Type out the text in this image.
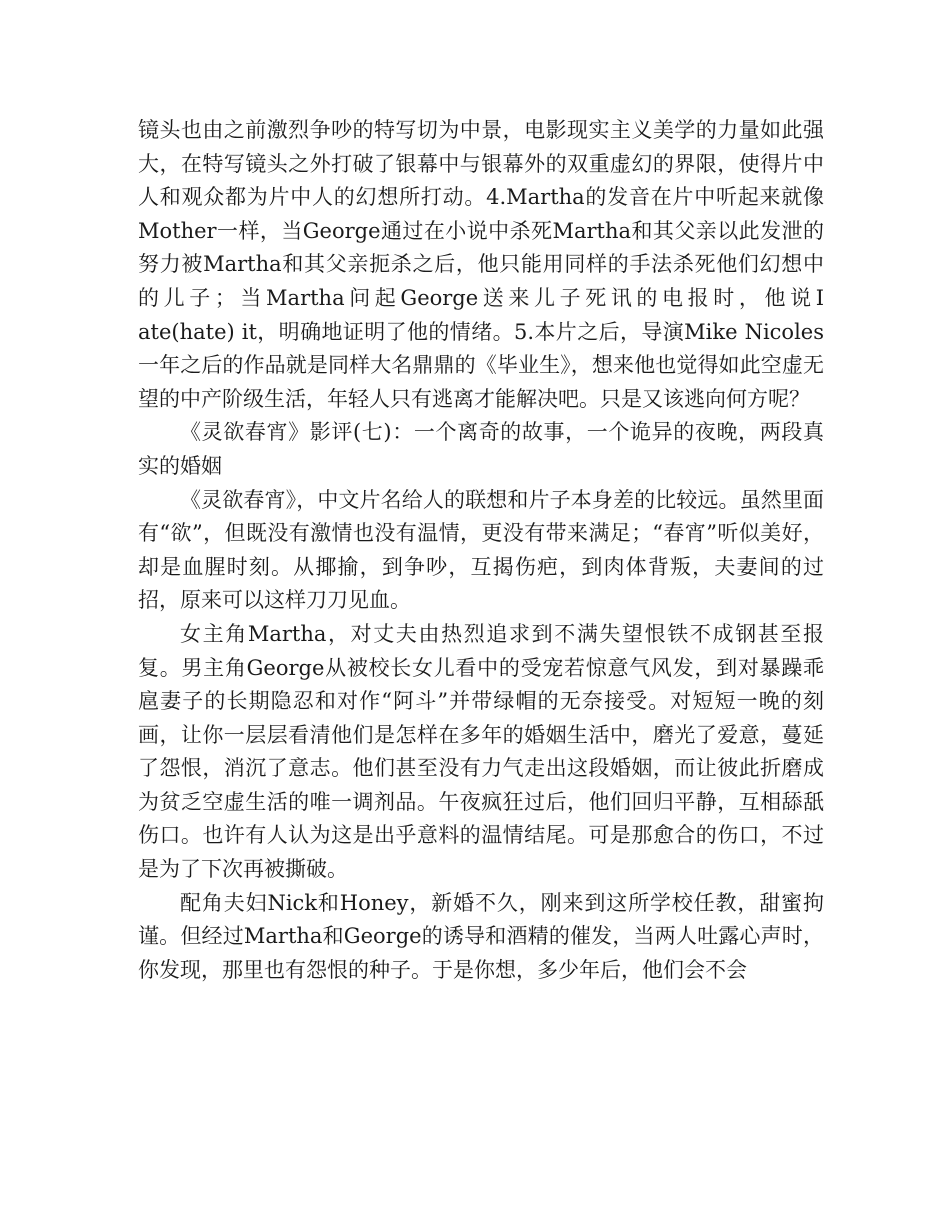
镜头也由之前激烈争吵的特写切为中景，电影现实主义美学的力量如此强大，在特写镜头之外打破了银幕中与银幕外的双重虚幻的界限，使得片中人和观众都为片中人的幻想所打动。4.Martha的发音在片中听起来就像Mother一样，当George通过在小说中杀死Martha和其父亲以此发泄的努力被Martha和其父亲扼杀之后，他只能用同样的手法杀死他们幻想中的儿子；当Martha问起George送来儿子死讯的电报时，他说I ate(hate) it，明确地证明了他的情绪。5.本片之后，导演Mike Nicoles一年之后的作品就是同样大名鼎鼎的《毕业生》，想来他也觉得如此空虚无望的中产阶级生活，年轻人只有逃离才能解决吧。只是又该逃向何方呢？

《灵欲春宵》影评(七)：一个离奇的故事，一个诡异的夜晚，两段真实的婚姻

《灵欲春宵》，中文片名给人的联想和片子本身差的比较远。虽然里面有“欲”，但既没有激情也没有温情，更没有带来满足；“春宵”听似美好，却是血腥时刻。从揶揄，到争吵，互揭伤疤，到肉体背叛，夫妻间的过招，原来可以这样刀刀见血。

女主角Martha，对丈夫由热烈追求到不满失望恨铁不成钢甚至报复。男主角George从被校长女儿看中的受宠若惊意气风发，到对暴躁乖扈妻子的长期隐忍和对作“阿斗”并带绿帽的无奈接受。对短短一晚的刻画，让你一层层看清他们是怎样在多年的婚姻生活中，磨光了爱意，蔓延了怨恨，消沉了意志。他们甚至没有力气走出这段婚姻，而让彼此折磨成为贫乏空虚生活的唯一调剂品。午夜疯狂过后，他们回归平静，互相舔舐伤口。也许有人认为这是出乎意料的温情结尾。可是那愈合的伤口，不过是为了下次再被撕破。

配角夫妇Nick和Honey，新婚不久，刚来到这所学校任教，甜蜜拘谨。但经过Martha和George的诱导和酒精的催发，当两人吐露心声时，你发现，那里也有怨恨的种子。于是你想，多少年后，他们会不会
